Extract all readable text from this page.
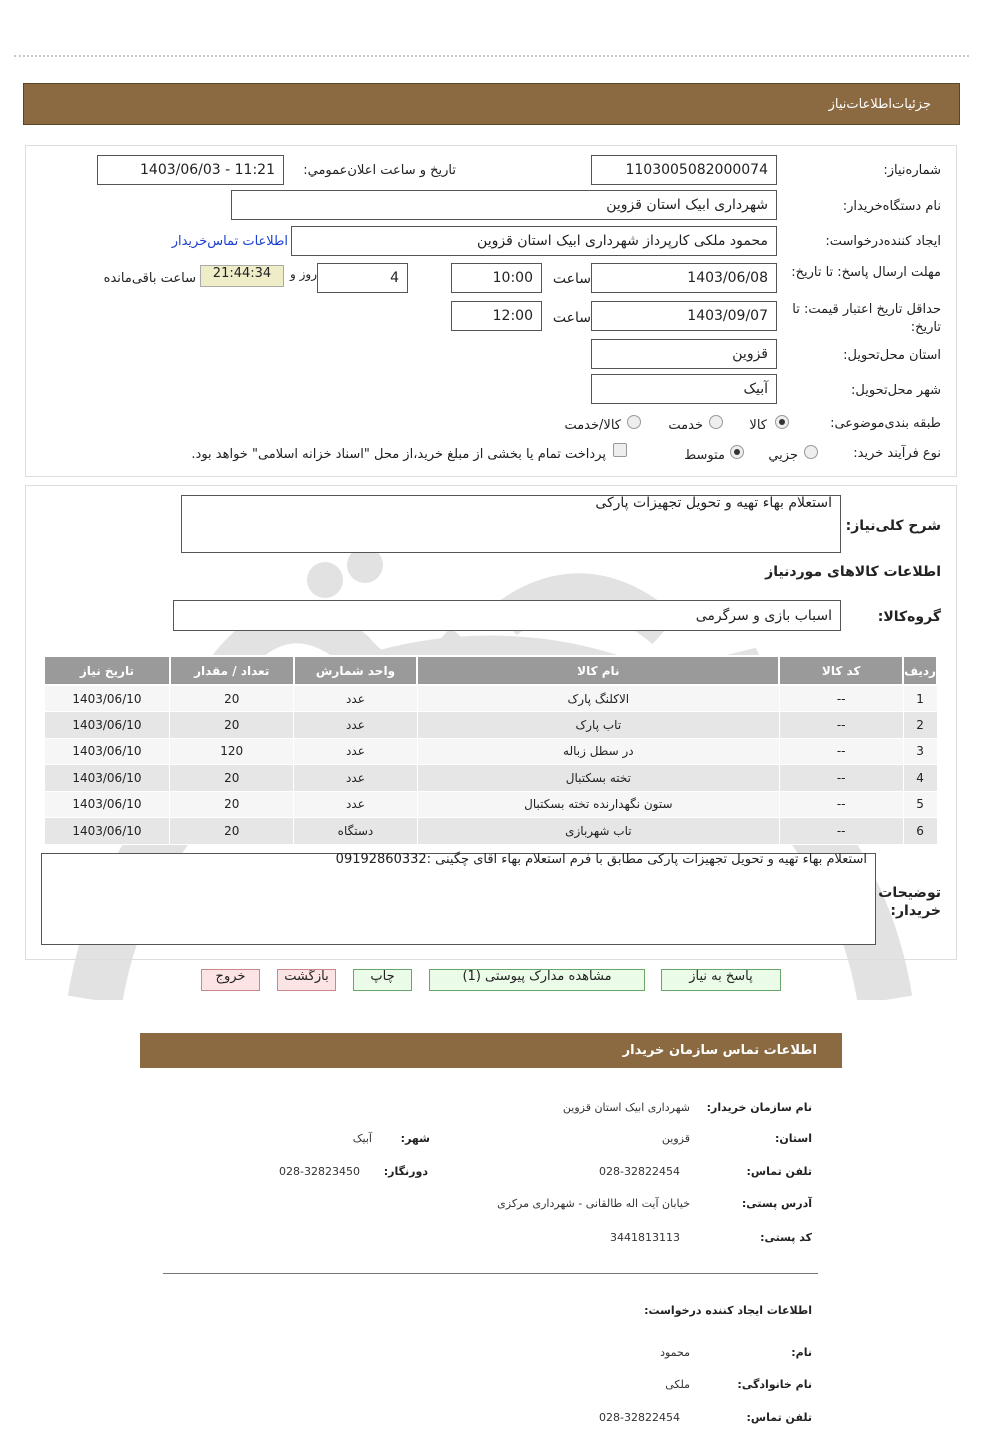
جزئیات‌اطلاعات‌نیاز
شماره‌نیاز:
1103005082000074
تاریخ و ساعت اعلان‌عمومي:
1403/06/03 - 11:21
نام دستگاه‌خریدار:
شهرداری ابیک استان قزوین
ایجاد کننده‌درخواست:
محمود ملکی کارپرداز شهرداری ابیک استان قزوین
اطلاعات تماس‌خریدار
مهلت ارسال پاسخ: تا تاریخ:
1403/06/08
ساعت
10:00
4
روز و
21:44:34
ساعت باقی‌مانده
حداقل تاریخ اعتبار قیمت: تا تاریخ:
1403/09/07
ساعت
12:00
استان محل‌تحویل:
قزوین
شهر محل‌تحویل:
آبیک
طبقه بندی‌موضوعی:
کالا
خدمت
کالا/خدمت
نوع فرآیند خرید:
جزيي
متوسط
پرداخت تمام یا بخشی از مبلغ خرید،از محل "اسناد خزانه اسلامی" خواهد بود.
شرح کلی‌نیاز:
استعلام بهاء تهیه و تحویل تجهیزات پارکی
اطلاعات کالاهای موردنیاز
گروه‌کالا:
اسباب بازی و سرگرمی
ردیف	کد کالا	نام کالا	واحد شمارش	تعداد / مقدار	تاریخ نیاز
1	--	الاکلنگ پارک	عدد	20	1403/06/10
2	--	تاب پارک	عدد	20	1403/06/10
3	--	در سطل زباله	عدد	120	1403/06/10
4	--	تخته بسکتبال	عدد	20	1403/06/10
5	--	ستون نگهدارنده تخته بسکتبال	عدد	20	1403/06/10
6	--	تاب شهربازی	دستگاه	20	1403/06/10
توضیحات خریدار:
استعلام بهاء تهیه و تحویل تجهیزات پارکی مطابق با فرم استعلام بهاء اقای چگینی :09192860332
پاسخ به نیاز
مشاهده مدارک پیوستی (1)
چاپ
بازگشت
خروج
اطلاعات تماس سازمان خریدار
نام سازمان خریدار:
شهرداری ابیک استان قزوین
استان:
قزوین
شهر:
آبیک
تلفن تماس:
028-32822454
دورنگار:
028-32823450
آدرس پستی:
خیابان آیت اله طالقانی - شهرداری مرکزی
کد پستی:
3441813113
اطلاعات ایجاد کننده درخواست:
نام:
محمود
نام خانوادگی:
ملکی
تلفن تماس:
028-32822454
